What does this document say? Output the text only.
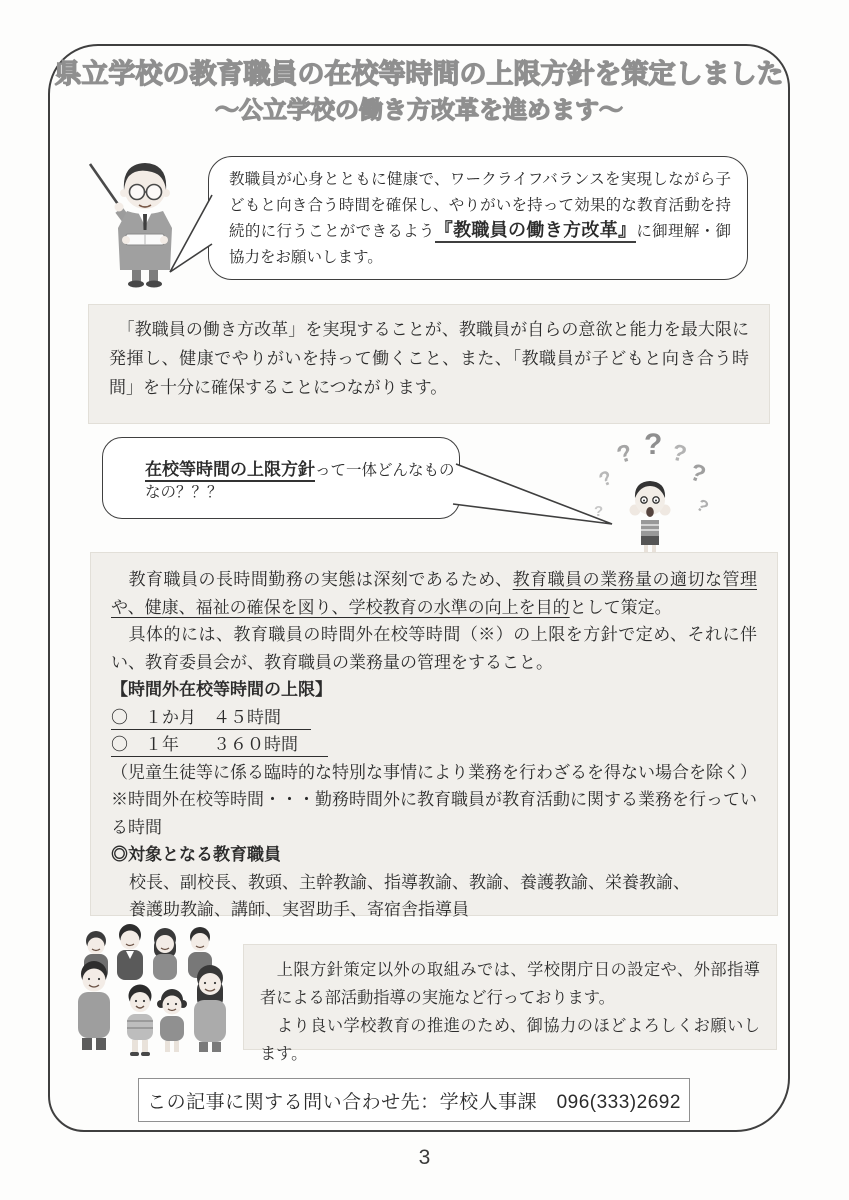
県立学校の教育職員の在校等時間の上限方針を策定しました
～公立学校の働き方改革を進めます～
教職員が心身とともに健康で、ワークライフバランスを実現しながら子どもと向き合う時間を確保し、やりがいを持って効果的な教育活動を持続的に行うことができるよう『教職員の働き方改革』に御理解・御協力をお願いします。
　「教職員の働き方改革」を実現することが、教職員が自らの意欲と能力を最大限に発揮し、健康でやりがいを持って働くこと、また、「教職員が子どもと向き合う時間」を十分に確保することにつながります。
在校等時間の上限方針って一体どんなものなの？？？
?
? ?
?	?
?	?

　教育職員の長時間勤務の実態は深刻であるため、教育職員の業務量の適切な管理や、健康、福祉の確保を図り、学校教育の水準の向上を目的として策定。

　具体的には、教育職員の時間外在校等時間（※）の上限を方針で定め、それに伴い、教育委員会が、教育職員の業務量の管理をすること。

【時間外在校等時間の上限】

〇　１か月　４５時間

〇　１年　　３６０時間

（児童生徒等に係る臨時的な特別な事情により業務を行わざるを得ない場合を除く）

※時間外在校等時間・・・勤務時間外に教育職員が教育活動に関する業務を行っている時間

◎対象となる教育職員

校長、副校長、教頭、主幹教諭、指導教諭、教諭、養護教諭、栄養教諭、

養護助教諭、講師、実習助手、寄宿舎指導員

　上限方針策定以外の取組みでは、学校閉庁日の設定や、外部指導者による部活動指導の実施など行っております。

　より良い学校教育の推進のため、御協力のほどよろしくお願いします。

この記事に関する問い合わせ先：学校人事課　096(333)2692
3
